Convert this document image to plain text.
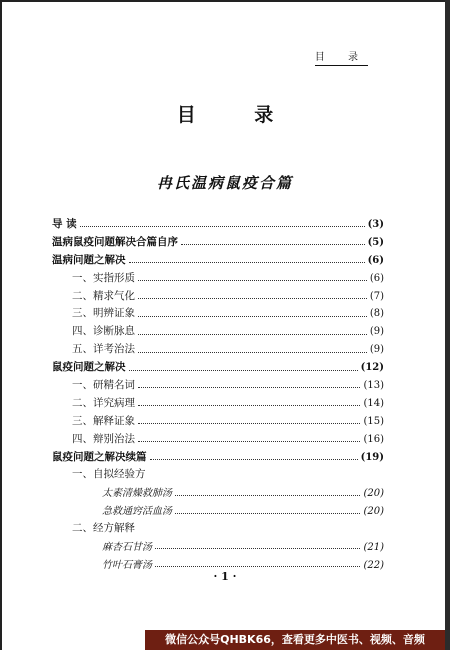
目 录
目 录
冉氏温病鼠疫合篇
导 读	(3)
温病鼠疫问题解决合篇自序	(5)
温病问题之解决	(6)
一、实指形质	(6)
二、精求气化	(7)
三、明辨证象	(8)
四、诊断脉息	(9)
五、详考治法	(9)
鼠疫问题之解决	(12)
一、研精名词	(13)
二、详究病理	(14)
三、解释证象	(15)
四、辩别治法	(16)
鼠疫问题之解决续篇	(19)
一、自拟经验方
太素清燥救肺汤	(20)
急救通窍活血汤	(20)
二、经方解释
麻杏石甘汤	(21)
竹叶石膏汤	(22)
· 1 ·
微信公众号QHBK66，查看更多中医书、视频、音频
